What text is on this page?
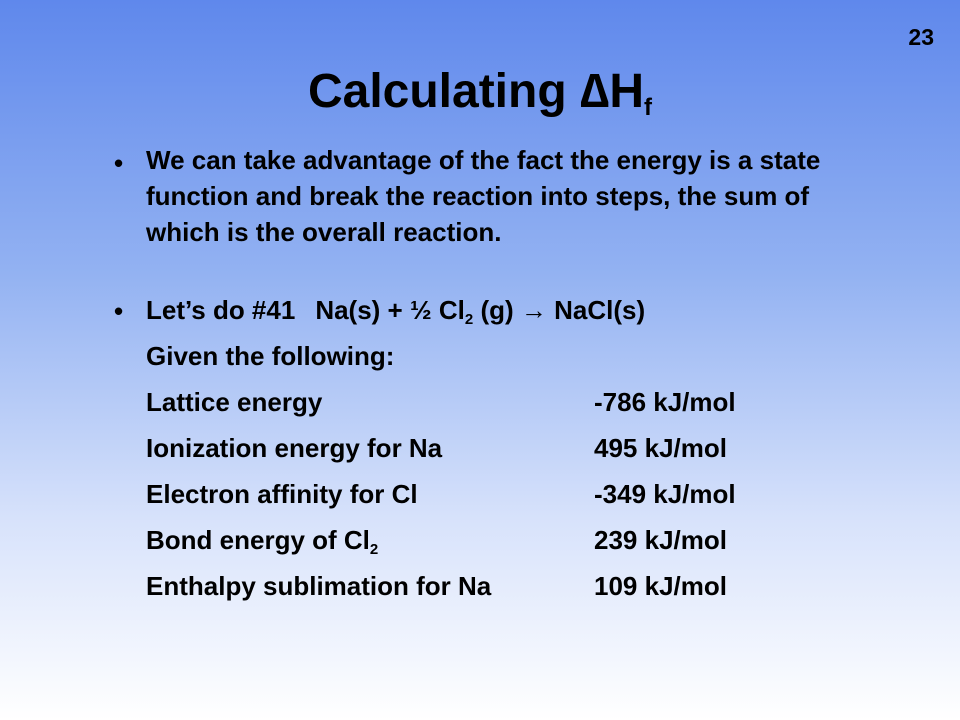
23
Calculating $\Delta H_f$
• We can take advantage of the fact the energy is a state function and break the reaction into steps, the sum of which is the overall reaction.
• Let’s do #41 Na(s) + ½ $Cl_2$ (g) → NaCl(s)
Given the following:
Lattice energy	-786 kJ/mol
Ionization energy for Na	495 kJ/mol
Electron affinity for Cl	-349 kJ/mol
Bond energy of $Cl_2$	239 kJ/mol
Enthalpy sublimation for Na	109 kJ/mol
